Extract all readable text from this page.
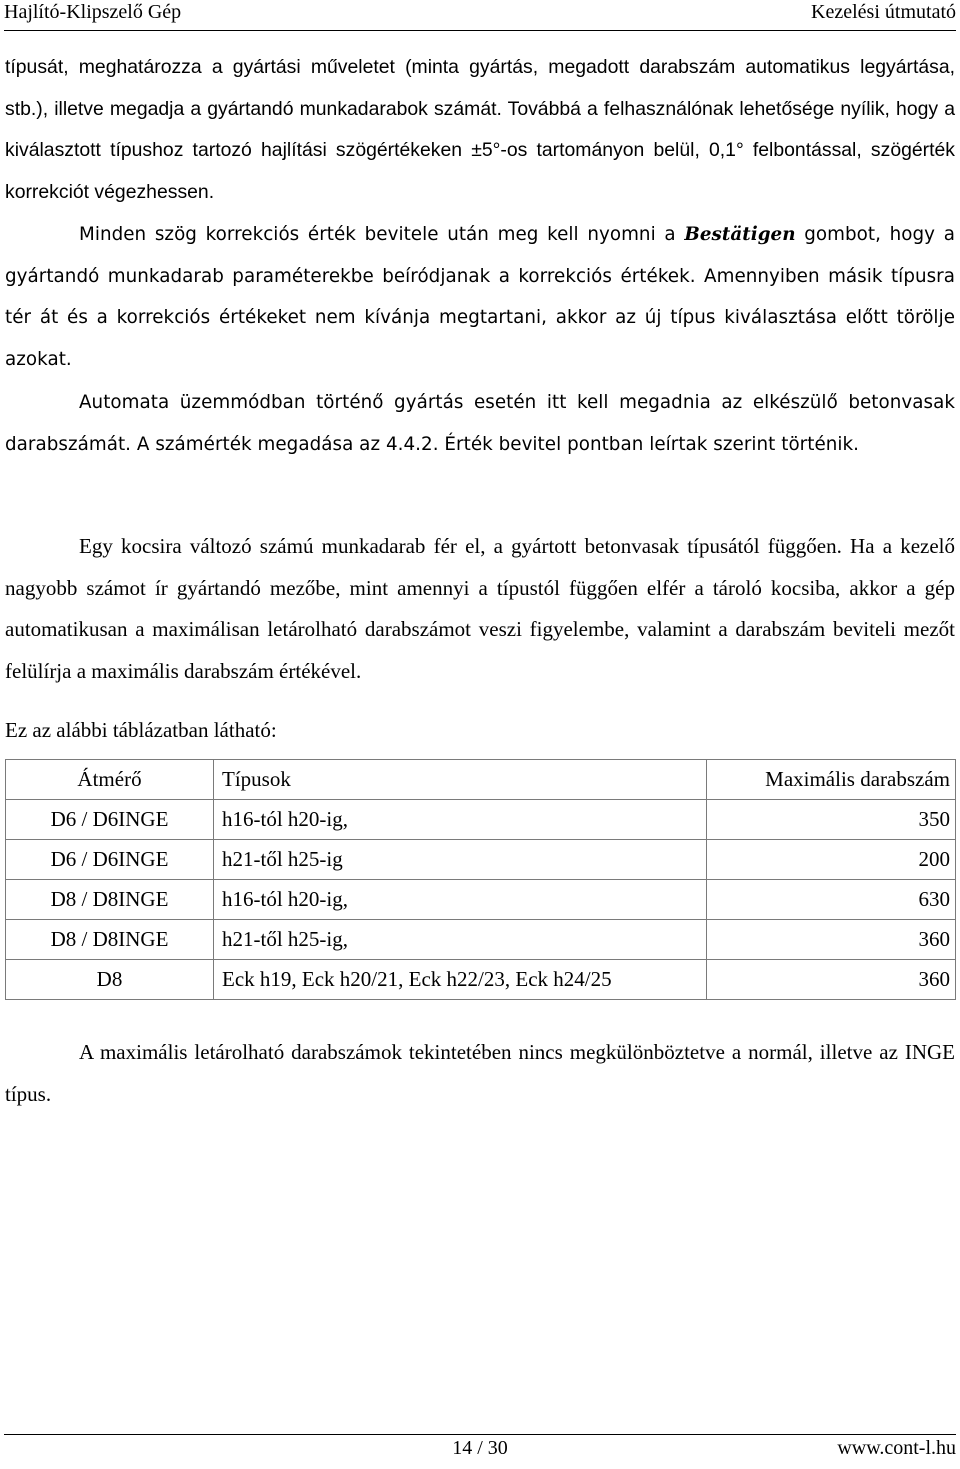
Hajlító-Klipszelő Gép	Kezelési útmutató

típusát, meghatározza a gyártási műveletet (minta gyártás, megadott darabszám automatikus legyártása, stb.), illetve megadja a gyártandó munkadarabok számát. Továbbá a felhasználónak lehetősége nyílik, hogy a kiválasztott típushoz tartozó hajlítási szögértékeken ±5°-os tartományon belül, 0,1° felbontással, szögérték korrekciót végezhessen.

Minden szög korrekciós érték bevitele után meg kell nyomni a Bestätigen gombot, hogy a gyártandó munkadarab paraméterekbe beíródjanak a korrekciós értékek. Amennyiben másik típusra tér át és a korrekciós értékeket nem kívánja megtartani, akkor az új típus kiválasztása előtt törölje azokat.

Automata üzemmódban történő gyártás esetén itt kell megadnia az elkészülő betonvasak darabszámát. A számérték megadása az 4.4.2. Érték bevitel pontban leírtak szerint történik.

Egy kocsira változó számú munkadarab fér el, a gyártott betonvasak típusától függően. Ha a kezelő nagyobb számot ír gyártandó mezőbe, mint amennyi a típustól függően elfér a tároló kocsiba, akkor a gép automatikusan a maximálisan letárolható darabszámot veszi figyelembe, valamint a darabszám beviteli mezőt felülírja a maximális darabszám értékével.

Ez az alábbi táblázatban látható:

Átmérő	Típusok	Maximális darabszám
D6 / D6INGE	h16-tól h20-ig,	350
D6 / D6INGE	h21-től h25-ig	200
D8 / D8INGE	h16-tól h20-ig,	630
D8 / D8INGE	h21-től h25-ig,	360
D8	Eck h19, Eck h20/21, Eck h22/23, Eck h24/25	360

A maximális letárolható darabszámok tekintetében nincs megkülönböztetve a normál, illetve az INGE típus.

14 / 30	www.cont-l.hu
